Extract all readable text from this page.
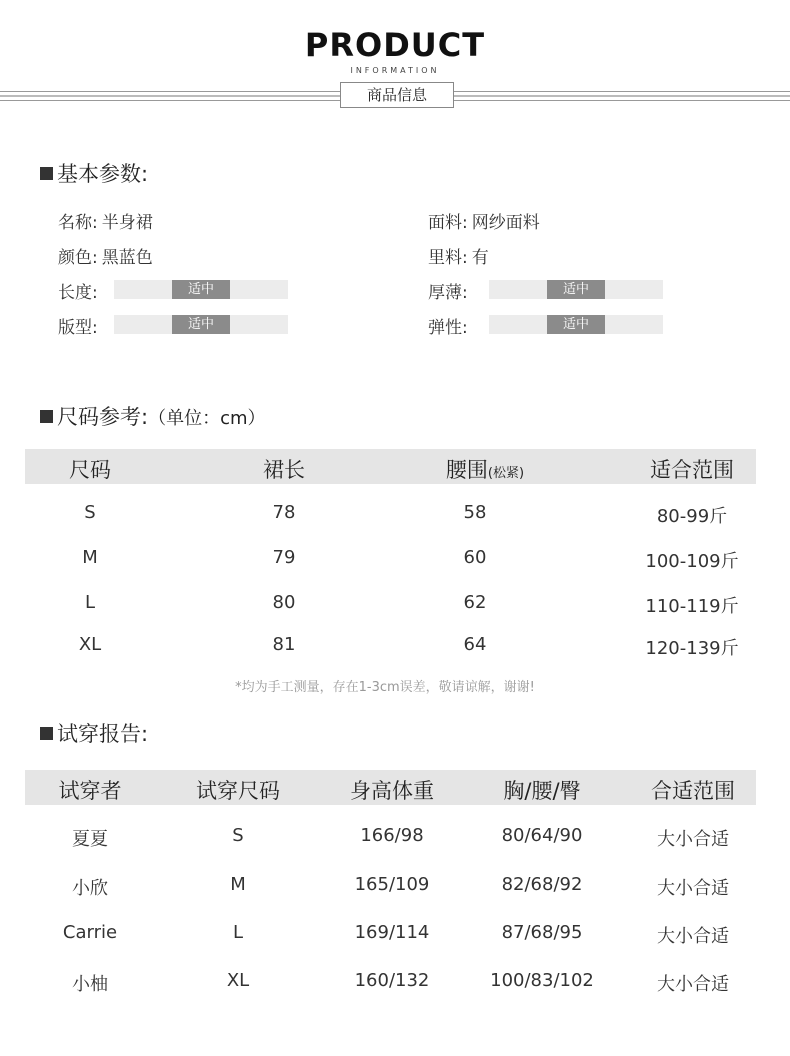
PRODUCT
INFORMATION
商品信息
基本参数:
名称: 半身裙	面料: 网纱面料
颜色: 黑蓝色	里料: 有
长度:	适中	厚薄:	适中
版型:	适中	弹性:	适中
尺码参考:（单位：cm）
尺码	裙长	腰围(松紧)	适合范围
S	78	58	80-99斤
M	79	60	100-109斤
L	80	62	110-119斤
XL	81	64	120-139斤
*均为手工测量，存在1-3cm误差，敬请谅解，谢谢!
试穿报告:
试穿者	试穿尺码	身高体重	胸/腰/臀	合适范围
夏夏	S	166/98	80/64/90	大小合适
小欣	M	165/109	82/68/92	大小合适
Carrie	L	169/114	87/68/95	大小合适
小柚	XL	160/132	100/83/102	大小合适
